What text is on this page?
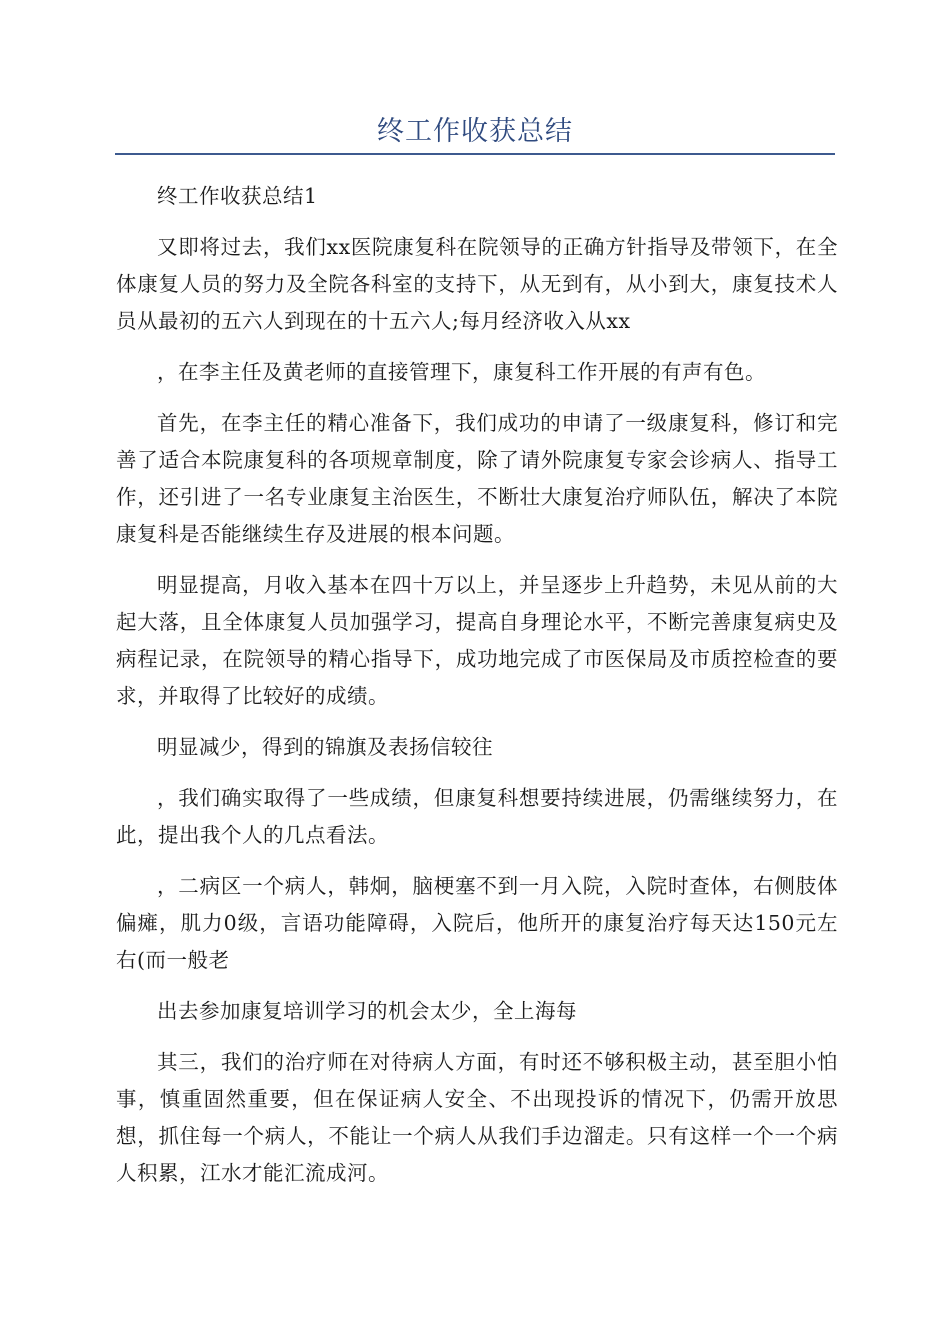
终工作收获总结

终工作收获总结1

又即将过去，我们xx医院康复科在院领导的正确方针指导及带领下，在全体康复人员的努力及全院各科室的支持下，从无到有，从小到大，康复技术人员从最初的五六人到现在的十五六人;每月经济收入从xx

，在李主任及黄老师的直接管理下，康复科工作开展的有声有色。

首先，在李主任的精心准备下，我们成功的申请了一级康复科，修订和完善了适合本院康复科的各项规章制度，除了请外院康复专家会诊病人、指导工作，还引进了一名专业康复主治医生，不断壮大康复治疗师队伍，解决了本院康复科是否能继续生存及进展的根本问题。

明显提高，月收入基本在四十万以上，并呈逐步上升趋势，未见从前的大起大落，且全体康复人员加强学习，提高自身理论水平，不断完善康复病史及病程记录，在院领导的精心指导下，成功地完成了市医保局及市质控检查的要求，并取得了比较好的成绩。

明显减少，得到的锦旗及表扬信较往

，我们确实取得了一些成绩，但康复科想要持续进展，仍需继续努力，在此，提出我个人的几点看法。

，二病区一个病人，韩炯，脑梗塞不到一月入院，入院时查体，右侧肢体偏瘫，肌力0级，言语功能障碍，入院后，他所开的康复治疗每天达150元左右(而一般老

出去参加康复培训学习的机会太少，全上海每

其三，我们的治疗师在对待病人方面，有时还不够积极主动，甚至胆小怕事，慎重固然重要，但在保证病人安全、不出现投诉的情况下，仍需开放思想，抓住每一个病人，不能让一个病人从我们手边溜走。只有这样一个一个病人积累，江水才能汇流成河。
